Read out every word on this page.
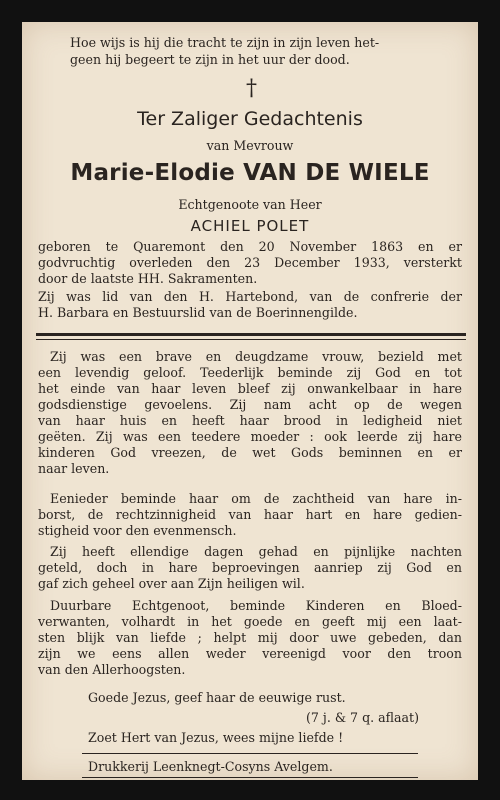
Hoe wijs is hij die tracht te zijn in zijn leven het-
geen hij begeert te zijn in het uur der dood.
†
Ter Zaliger Gedachtenis
van Mevrouw
Marie-Elodie VAN DE WIELE
Echtgenoote van Heer
ACHIEL POLET
geboren te Quaremont den 20 November 1863 en er
godvruchtig overleden den 23 December 1933, versterkt
door de laatste HH. Sakramenten.
Zij was lid van den H. Hartebond, van de confrerie der
H. Barbara en Bestuurslid van de Boerinnengilde.
Zij was een brave en deugdzame vrouw, bezield met
een levendig geloof. Teederlijk beminde zij God en tot
het einde van haar leven bleef zij onwankelbaar in hare
godsdienstige gevoelens. Zij nam acht op de wegen
van haar huis en heeft haar brood in ledigheid niet
geëten. Zij was een teedere moeder : ook leerde zij hare
kinderen God vreezen, de wet Gods beminnen en er
naar leven.
Eenieder beminde haar om de zachtheid van hare in-
borst, de rechtzinnigheid van haar hart en hare gedien-
stigheid voor den evenmensch.
Zij heeft ellendige dagen gehad en pijnlijke nachten
geteld, doch in hare beproevingen aanriep zij God en
gaf zich geheel over aan Zijn heiligen wil.
Duurbare Echtgenoot, beminde Kinderen en Bloed-
verwanten, volhardt in het goede en geeft mij een laat-
sten blijk van liefde ; helpt mij door uwe gebeden, dan
zijn we eens allen weder vereenigd voor den troon
van den Allerhoogsten.
Goede Jezus, geef haar de eeuwige rust.
(7 j. & 7 q. aflaat)
Zoet Hert van Jezus, wees mijne liefde !
Drukkerij Leenknegt-Cosyns Avelgem.
